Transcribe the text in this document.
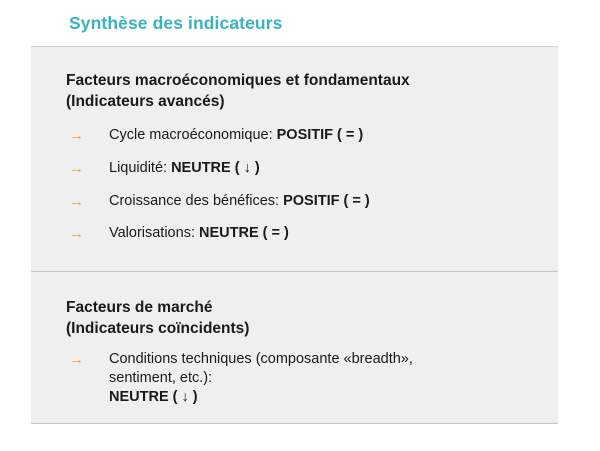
Synthèse des indicateurs
Facteurs macroéconomiques et fondamentaux
(Indicateurs avancés)
→ Cycle macroéconomique: POSITIF ( = )
→ Liquidité: NEUTRE ( ↓ )
→ Croissance des bénéfices: POSITIF ( = )
→ Valorisations: NEUTRE ( = )
Facteurs de marché
(Indicateurs coïncidents)
→ Conditions techniques (composante «breadth»,
sentiment, etc.):
NEUTRE ( ↓ )
